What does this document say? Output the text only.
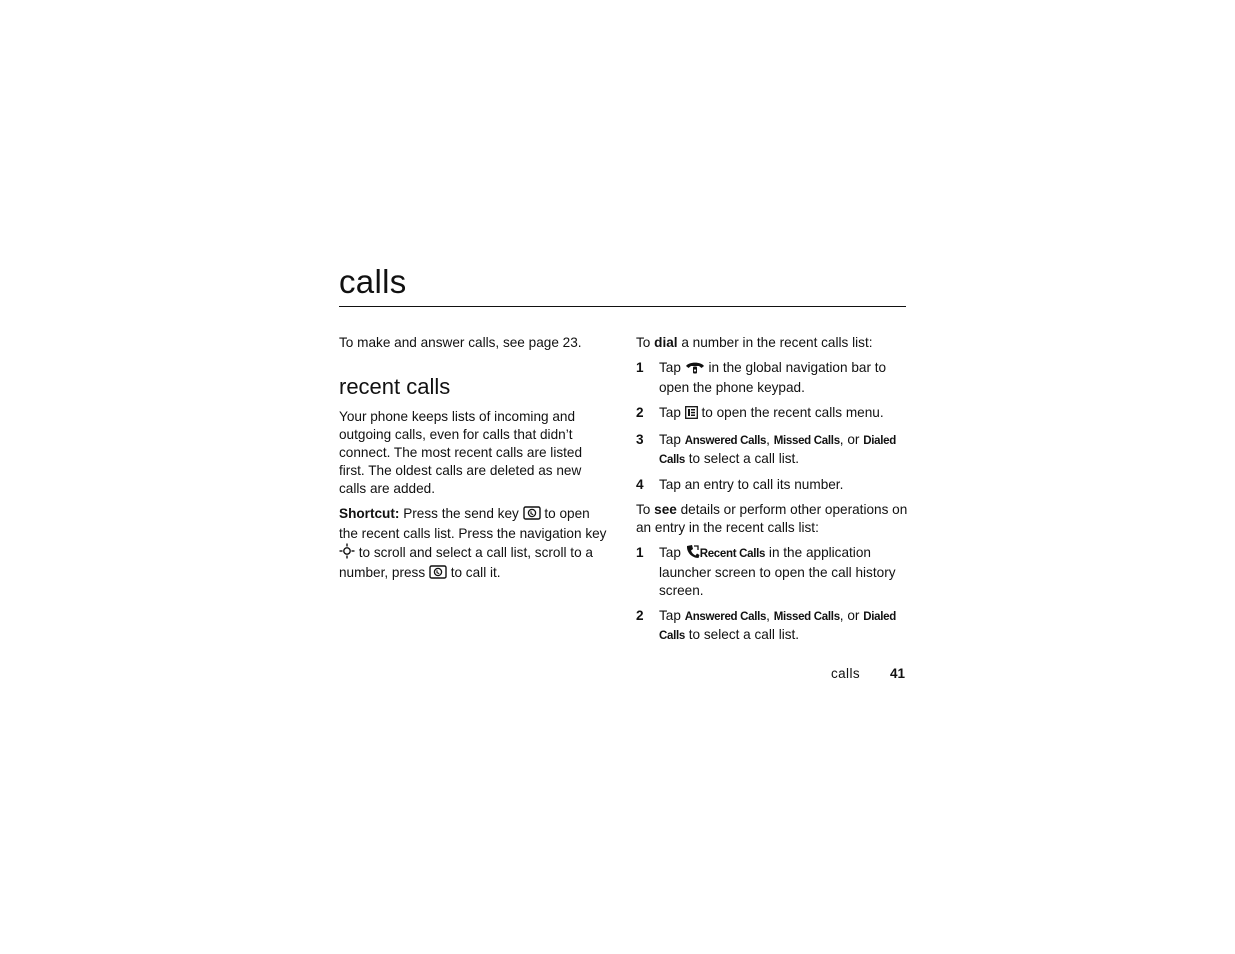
calls

To make and answer calls, see page 23.

recent calls

Your phone keeps lists of incoming and outgoing calls, even for calls that didn’t connect. The most recent calls are listed first. The oldest calls are deleted as new calls are added.

Shortcut: Press the send key  to open the recent calls list. Press the navigation key  to scroll and select a call list, scroll to a number, press  to call it.

To dial a number in the recent calls list:

1 Tap  in the global navigation bar to open the phone keypad.
2 Tap  to open the recent calls menu.
3 Tap Answered Calls, Missed Calls, or Dialed Calls to select a call list.
4 Tap an entry to call its number.

To see details or perform other operations on an entry in the recent calls list:

1 Tap Recent Calls in the application launcher screen to open the call history screen.
2 Tap Answered Calls, Missed Calls, or Dialed Calls to select a call list.
calls 41
